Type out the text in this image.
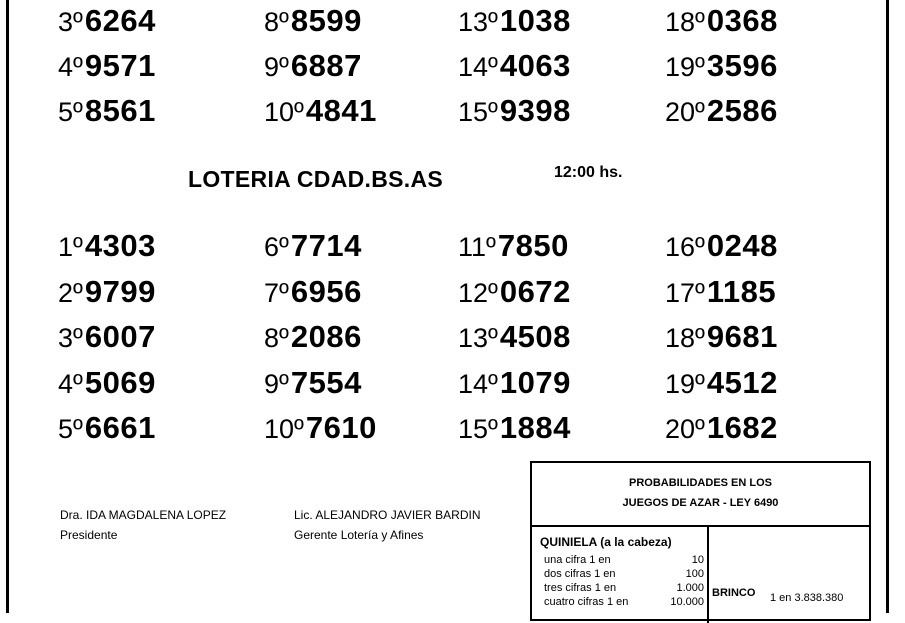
3º6264	8º8599	13º1038	18º0368
4º9571	9º6887	14º4063	19º3596
5º8561	10º4841	15º9398	20º2586
LOTERIA CDAD.BS.AS	12:00 hs.
1º4303	6º7714	11º7850	16º0248
2º9799	7º6956	12º0672	17º1185
3º6007	8º2086	13º4508	18º9681
4º5069	9º7554	14º1079	19º4512
5º6661	10º7610	15º1884	20º1682
Dra. IDA MAGDALENA LOPEZ
Presidente
Lic. ALEJANDRO JAVIER BARDIN
Gerente Lotería y Afines
PROBABILIDADES EN LOS
JUEGOS DE AZAR - LEY 6490
QUINIELA (a la cabeza)
una cifra 1 en	10
dos cifras 1 en	100
tres cifras 1 en	1.000
cuatro cifras 1 en	10.000
BRINCO 1 en 3.838.380
